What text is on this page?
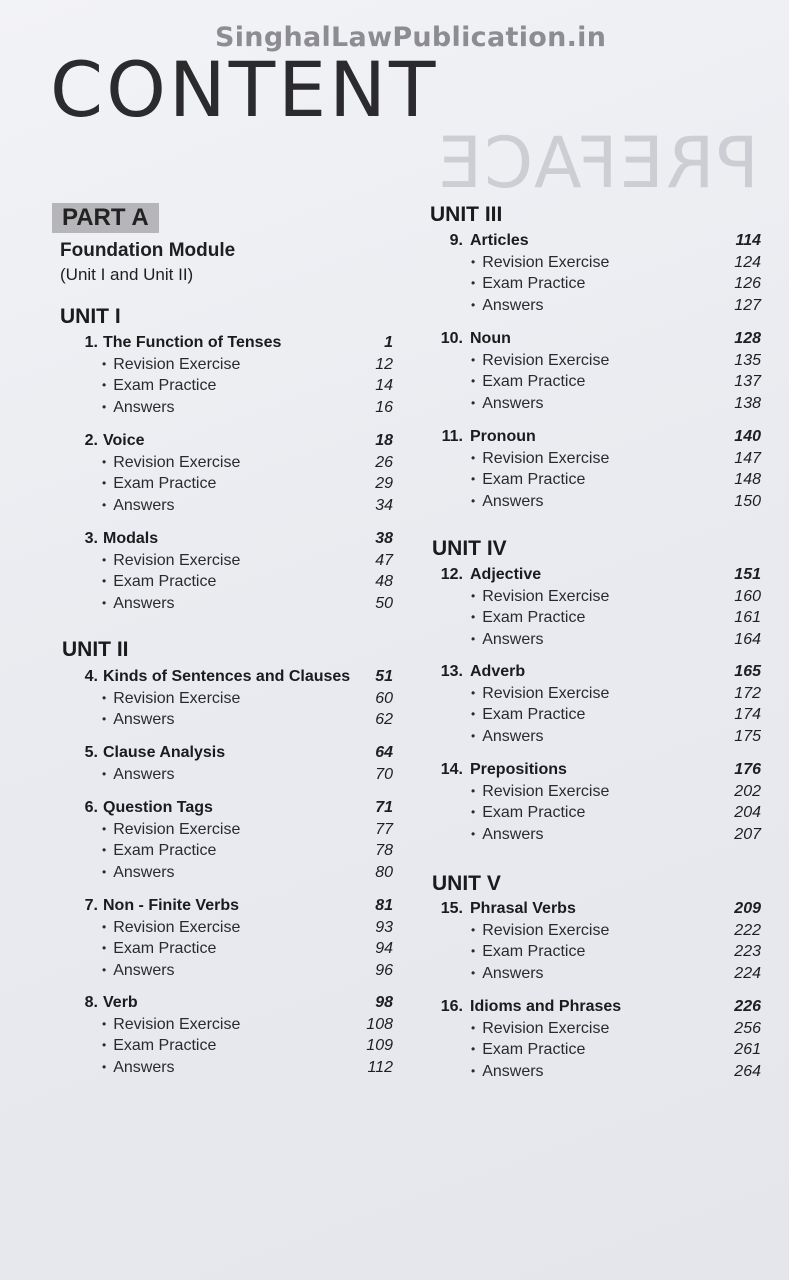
SinghalLawPublication.in
CONTENT
PREFACE
PART A
Foundation Module
(Unit I and Unit II)
UNIT I
1. The Function of Tenses	1
• Revision Exercise	12
• Exam Practice	14
• Answers	16
2. Voice	18
• Revision Exercise	26
• Exam Practice	29
• Answers	34
3. Modals	38
• Revision Exercise	47
• Exam Practice	48
• Answers	50
UNIT II
4. Kinds of Sentences and Clauses	51
• Revision Exercise	60
• Answers	62
5. Clause Analysis	64
• Answers	70
6. Question Tags	71
• Revision Exercise	77
• Exam Practice	78
• Answers	80
7. Non - Finite Verbs	81
• Revision Exercise	93
• Exam Practice	94
• Answers	96
8. Verb	98
• Revision Exercise	108
• Exam Practice	109
• Answers	112
UNIT III
9. Articles	114
• Revision Exercise	124
• Exam Practice	126
• Answers	127
10. Noun	128
• Revision Exercise	135
• Exam Practice	137
• Answers	138
11. Pronoun	140
• Revision Exercise	147
• Exam Practice	148
• Answers	150
UNIT IV
12. Adjective	151
• Revision Exercise	160
• Exam Practice	161
• Answers	164
13. Adverb	165
• Revision Exercise	172
• Exam Practice	174
• Answers	175
14. Prepositions	176
• Revision Exercise	202
• Exam Practice	204
• Answers	207
UNIT V
15. Phrasal Verbs	209
• Revision Exercise	222
• Exam Practice	223
• Answers	224
16. Idioms and Phrases	226
• Revision Exercise	256
• Exam Practice	261
• Answers	264
